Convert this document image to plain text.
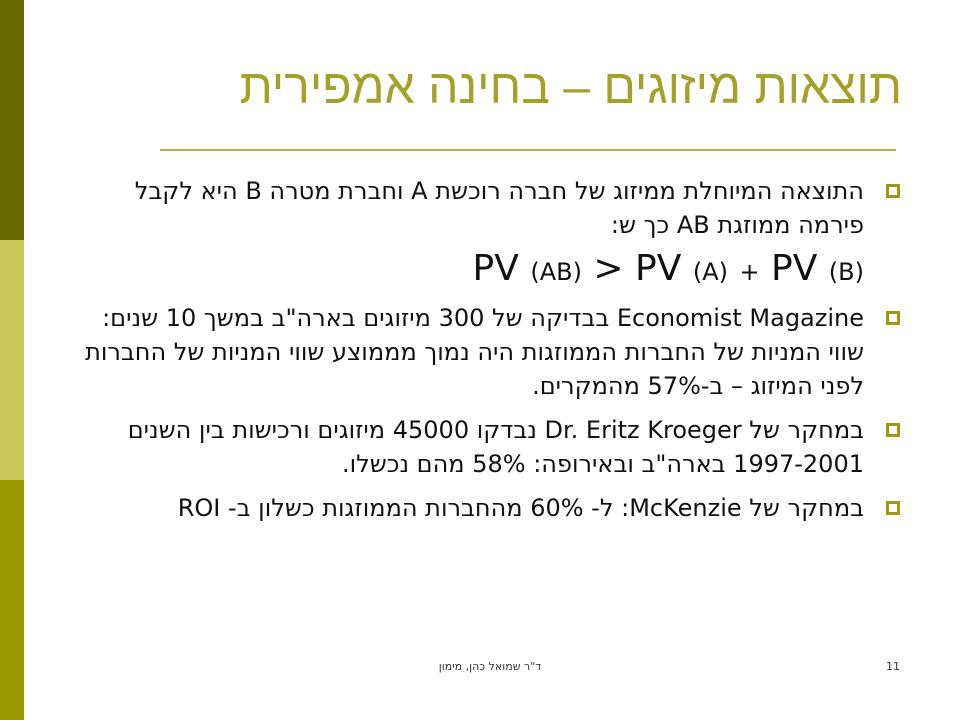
תוצאות מיזוגים – בחינה אמפירית
התוצאה המיוחלת ממיזוג של חברה רוכשת A וחברת מטרה B היא לקבל פירמה ממוזגת AB כך ש:
PV (AB) > PV (A) + PV (B)
Economist Magazine בבדיקה של 300 מיזוגים בארה"ב במשך 10 שנים: שווי המניות של החברות הממוזגות היה נמוך מממוצע שווי המניות של החברות לפני המיזוג – ב-57% מהמקרים.
במחקר של Dr. Eritz Kroeger נבדקו 45000 מיזוגים ורכישות בין השנים 1997-2001 בארה"ב ובאירופה: 58% מהם נכשלו.
במחקר של McKenzie: ל- 60% מהחברות הממוזגות כשלון ב- ROI
ד"ר שמואל כהן, מימון	11
